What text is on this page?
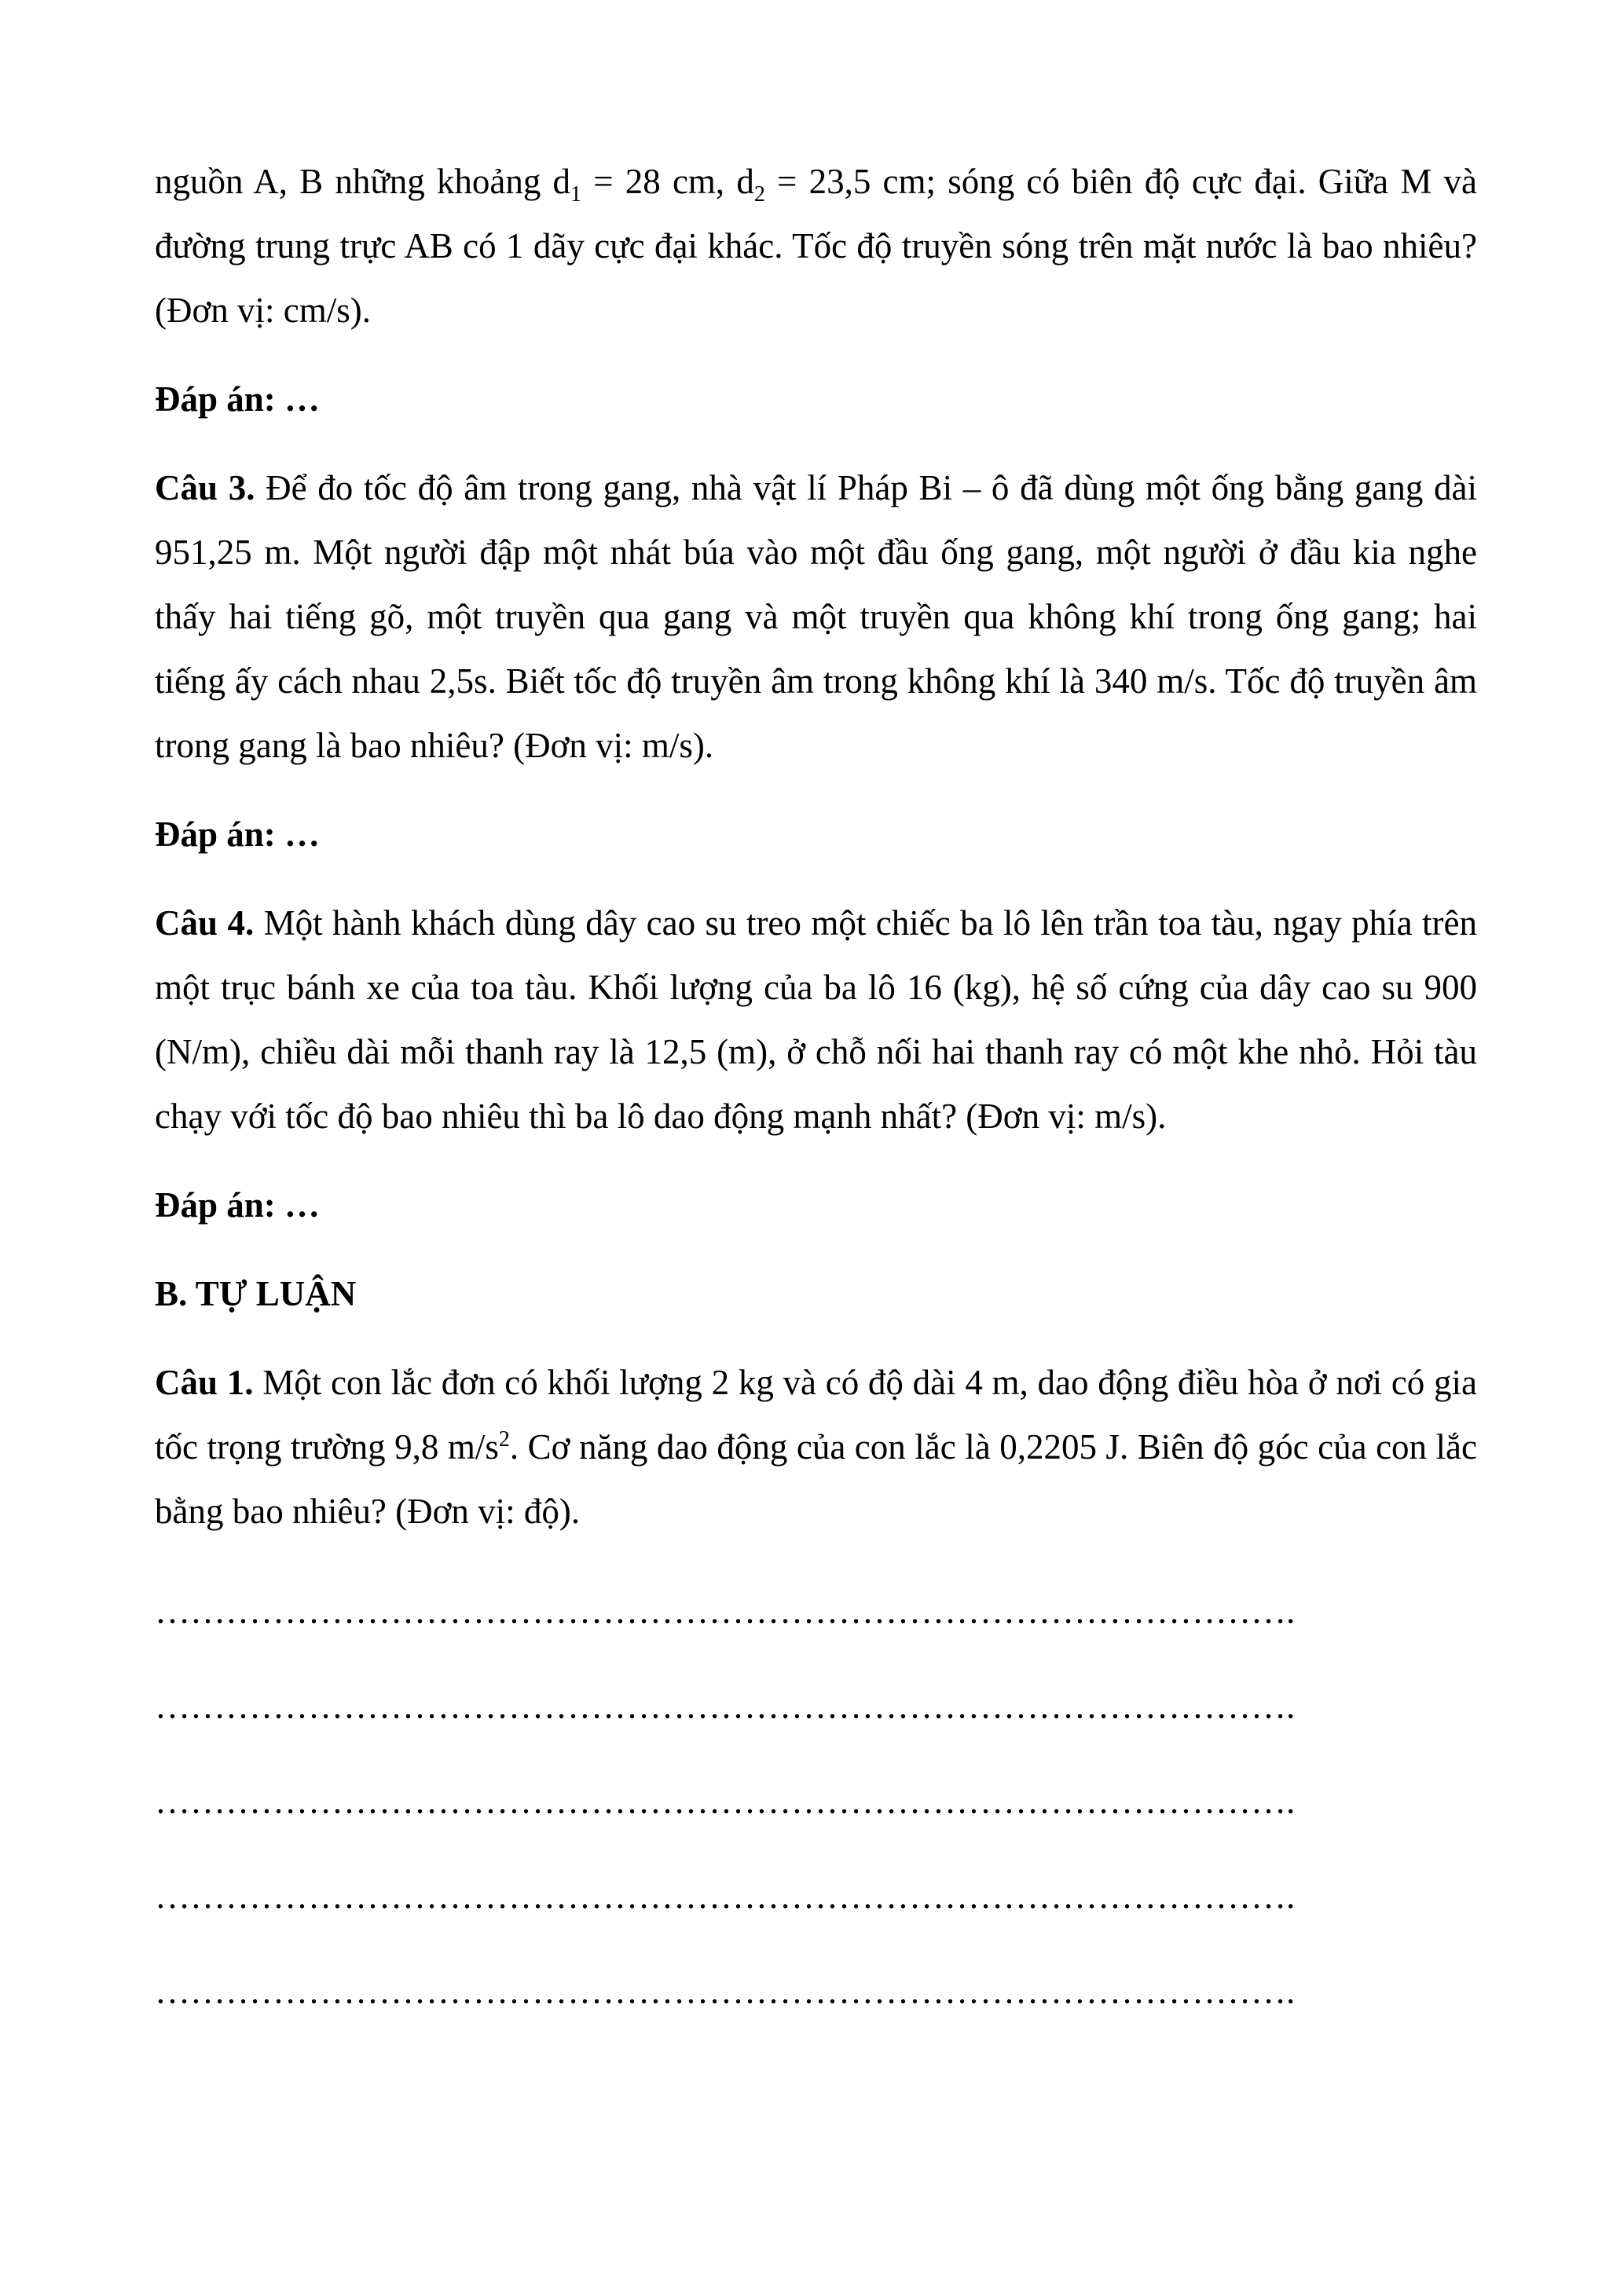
nguồn A, B những khoảng $d_1 = 28$ cm, $d_2 = 23,5$ cm; sóng có biên độ cực đại. Giữa M và đường trung trực AB có 1 dãy cực đại khác. Tốc độ truyền sóng trên mặt nước là bao nhiêu? (Đơn vị: cm/s).

Đáp án: …

Câu 3. Để đo tốc độ âm trong gang, nhà vật lí Pháp Bi – ô đã dùng một ống bằng gang dài 951,25 m. Một người đập một nhát búa vào một đầu ống gang, một người ở đầu kia nghe thấy hai tiếng gõ, một truyền qua gang và một truyền qua không khí trong ống gang; hai tiếng ấy cách nhau 2,5s. Biết tốc độ truyền âm trong không khí là 340 m/s. Tốc độ truyền âm trong gang là bao nhiêu? (Đơn vị: m/s).

Đáp án: …

Câu 4. Một hành khách dùng dây cao su treo một chiếc ba lô lên trần toa tàu, ngay phía trên một trục bánh xe của toa tàu. Khối lượng của ba lô 16 (kg), hệ số cứng của dây cao su 900 (N/m), chiều dài mỗi thanh ray là 12,5 (m), ở chỗ nối hai thanh ray có một khe nhỏ. Hỏi tàu chạy với tốc độ bao nhiêu thì ba lô dao động mạnh nhất? (Đơn vị: m/s).

Đáp án: …

B. TỰ LUẬN

Câu 1. Một con lắc đơn có khối lượng 2 kg và có độ dài 4 m, dao động điều hòa ở nơi có gia tốc trọng trường 9,8 $m/s^2$. Cơ năng dao động của con lắc là 0,2205 J. Biên độ góc của con lắc bằng bao nhiêu? (Đơn vị: độ).

…………………………………………………………………………………….

…………………………………………………………………………………….

…………………………………………………………………………………….

…………………………………………………………………………………….

…………………………………………………………………………………….
